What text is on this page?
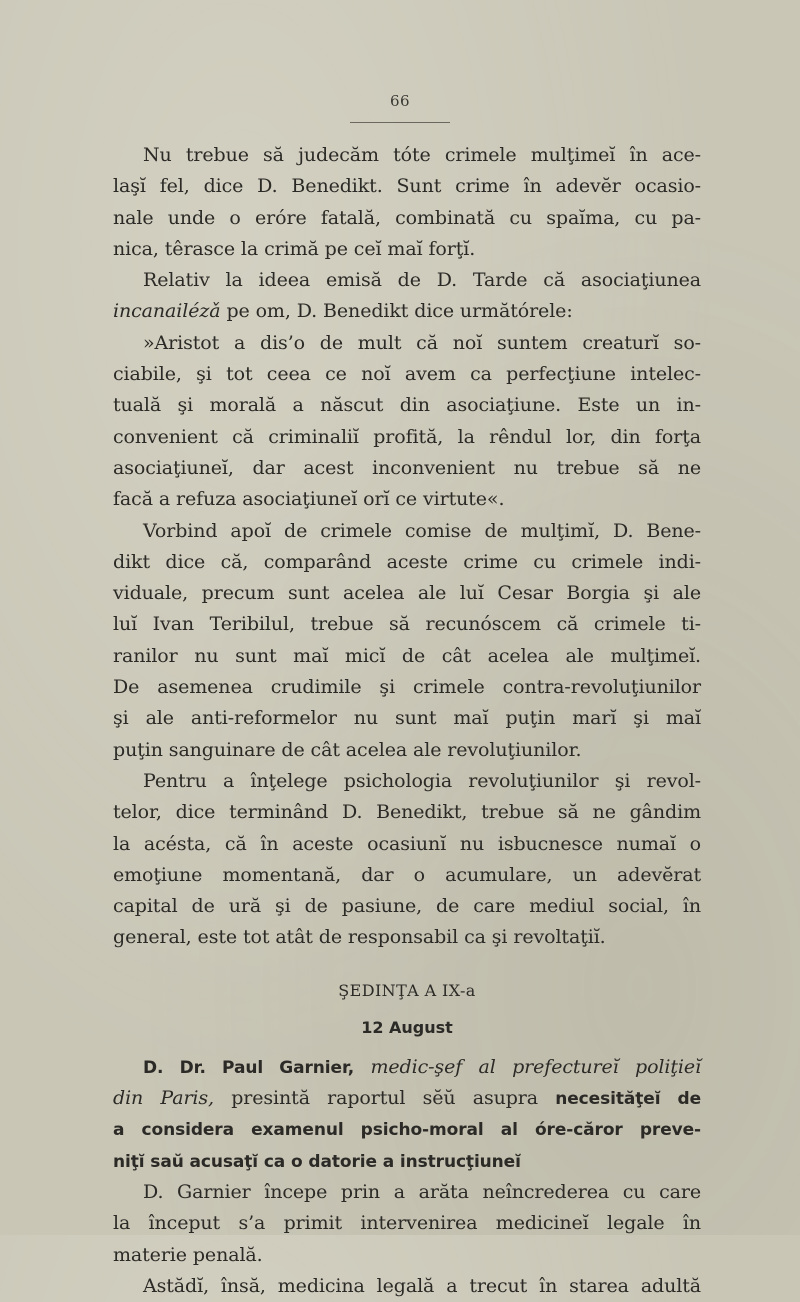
66
Nu trebue să judecăm tóte crimele mulţimeĭ în ace-
laşĭ fel, dice D. Benedikt. Sunt crime în adevĕr ocasio-
nale unde o eróre fatală, combinată cu spaĭma, cu pa-
nica, têrasce la crimă pe ceĭ maĭ forţĭ.
Relativ la ideea emisă de D. Tarde că asociaţiunea
incanailézǎ pe om, D. Benedikt dice următórele:
»Aristot a dis’o de mult că noĭ suntem creaturĭ so-
ciabile, şi tot ceea ce noĭ avem ca perfecţiune intelec-
tuală şi morală a născut din asociaţiune. Este un in-
convenient că criminaliĭ profită, la rêndul lor, din forţa
asociaţiuneĭ, dar acest inconvenient nu trebue să ne
facă a refuza asociaţiuneĭ orĭ ce virtute«.
Vorbind apoĭ de crimele comise de mulţimĭ, D. Bene-
dikt dice că, comparând aceste crime cu crimele indi-
viduale, precum sunt acelea ale luĭ Cesar Borgia şi ale
luĭ Ivan Teribilul, trebue să recunóscem că crimele ti-
ranilor nu sunt maĭ micĭ de cât acelea ale mulţimeĭ.
De asemenea crudimile şi crimele contra-revoluţiunilor
şi ale anti-reformelor nu sunt maĭ puţin marĭ şi maĭ
puţin sanguinare de cât acelea ale revoluţiunilor.
Pentru a înţelege psichologia revoluţiunilor şi revol-
telor, dice terminând D. Benedikt, trebue să ne gândim
la acésta, că în aceste ocasiunĭ nu isbucnesce numaĭ o
emoţiune momentană, dar o acumulare, un adevĕrat
capital de ură şi de pasiune, de care mediul social, în
general, este tot atât de responsabil ca şi revoltaţiĭ.
ŞEDINŢA A IX-a
12 August
D. Dr. Paul Garnier, medic-şef al prefectureĭ poliţieĭ
din Paris, presintă raportul sĕŭ asupra necesităţeĭ de
a considera examenul psicho-moral al óre-căror preve-
niţĭ saŭ acusaţĭ ca o datorie a instrucţiuneĭ
D. Garnier începe prin a arăta neîncrederea cu care
la început s’a primit intervenirea medicineĭ legale în
materie penală.
Astădĭ, însă, medicina legală a trecut în starea adultă
